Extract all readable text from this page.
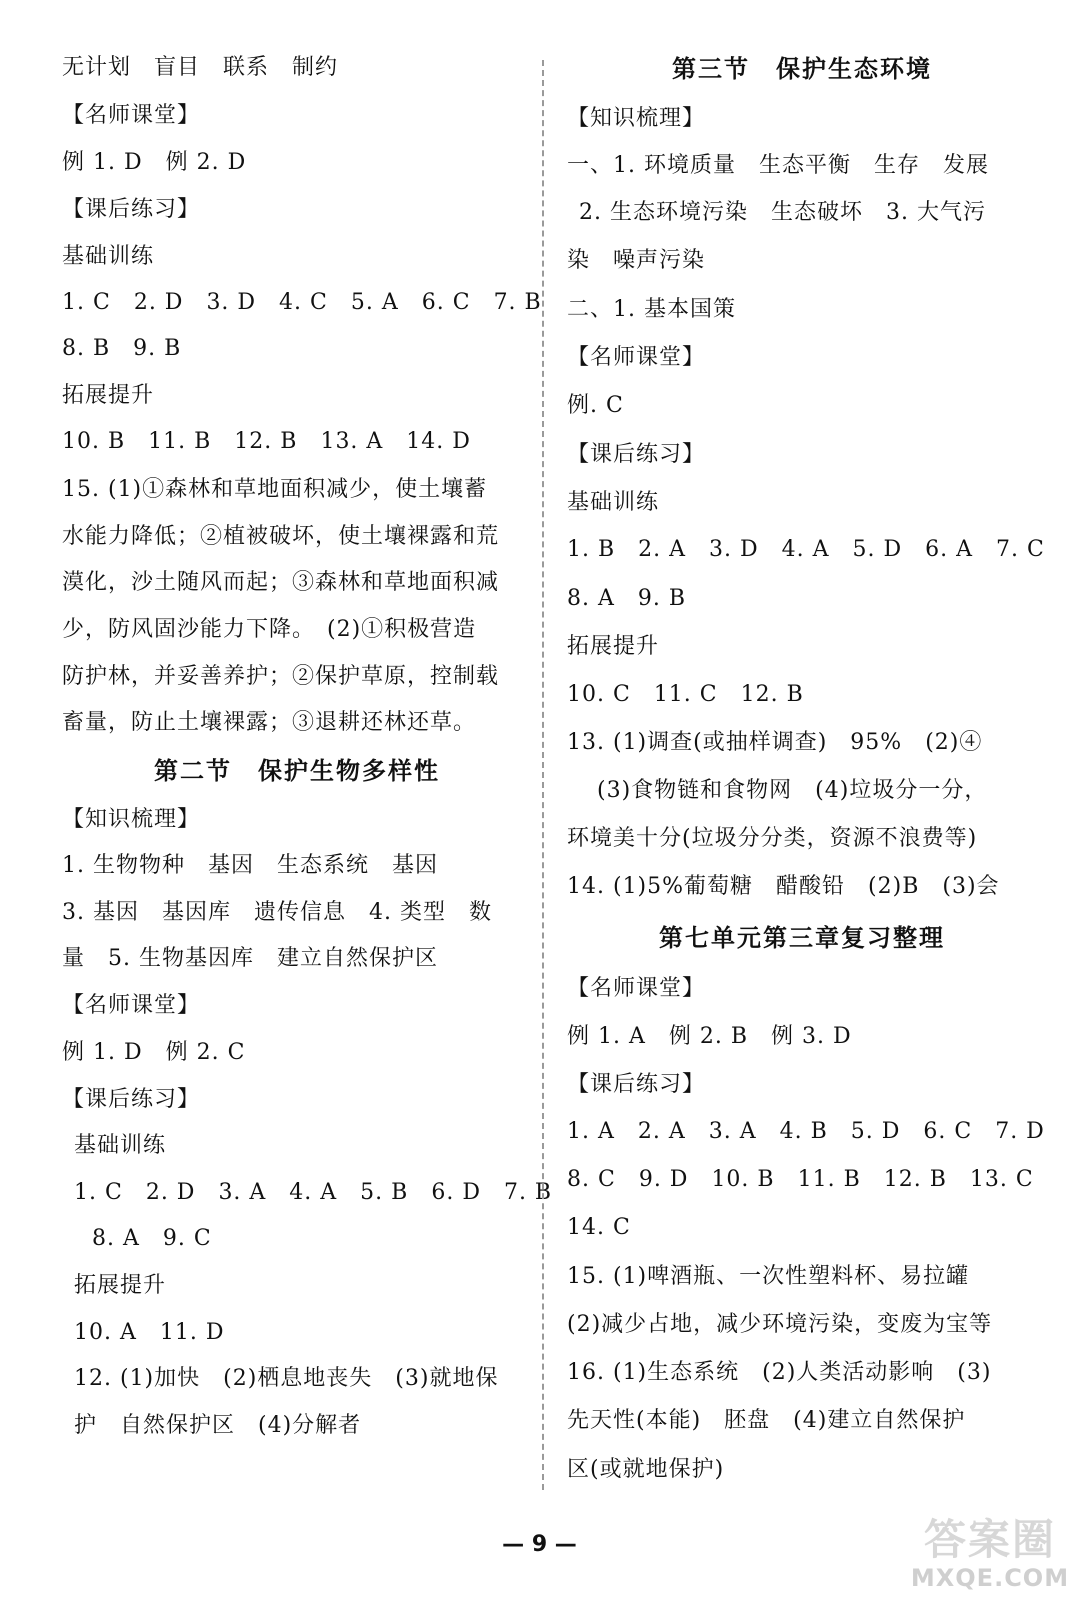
无计划　盲目　联系　制约
【名师课堂】
例 1. D　例 2. D
【课后练习】
基础训练
1. C　2. D　3. D　4. C　5. A　6. C　7. B
8. B　9. B
拓展提升
10. B　11. B　12. B　13. A　14. D
15. (1)①森林和草地面积减少，使土壤蓄
水能力降低；②植被破坏，使土壤裸露和荒
漠化，沙土随风而起；③森林和草地面积减
少，防风固沙能力下降。　(2)①积极营造
防护林，并妥善养护；②保护草原，控制载
畜量，防止土壤裸露；③退耕还林还草。
第二节　保护生物多样性
【知识梳理】
1. 生物物种　基因　生态系统　基因
3. 基因　基因库　遗传信息　4. 类型　数
量　5. 生物基因库　建立自然保护区
【名师课堂】
例 1. D　例 2. C
【课后练习】
基础训练
1. C　2. D　3. A　4. A　5. B　6. D　7. B
8. A　9. C
拓展提升
10. A　11. D
12. (1)加快　(2)栖息地丧失　(3)就地保
护　自然保护区　(4)分解者
第三节　保护生态环境
【知识梳理】
一、1. 环境质量　生态平衡　生存　发展
2. 生态环境污染　生态破坏　3. 大气污
染　噪声污染
二、1. 基本国策
【名师课堂】
例. C
【课后练习】
基础训练
1. B　2. A　3. D　4. A　5. D　6. A　7. C
8. A　9. B
拓展提升
10. C　11. C　12. B
13. (1)调查(或抽样调查)　95%　(2)④
(3)食物链和食物网　(4)垃圾分一分，
环境美十分(垃圾分分类，资源不浪费等)
14. (1)5%葡萄糖　醋酸铅　(2)B　(3)会
第七单元第三章复习整理
【名师课堂】
例 1. A　例 2. B　例 3. D
【课后练习】
1. A　2. A　3. A　4. B　5. D　6. C　7. D
8. C　9. D　10. B　11. B　12. B　13. C
14. C
15. (1)啤酒瓶、一次性塑料杯、易拉罐
(2)减少占地，减少环境污染，变废为宝等
16. (1)生态系统　(2)人类活动影响　(3)
先天性(本能)　胚盘　(4)建立自然保护
区(或就地保护)
— 9 —	答案圈
MXQE.COM
